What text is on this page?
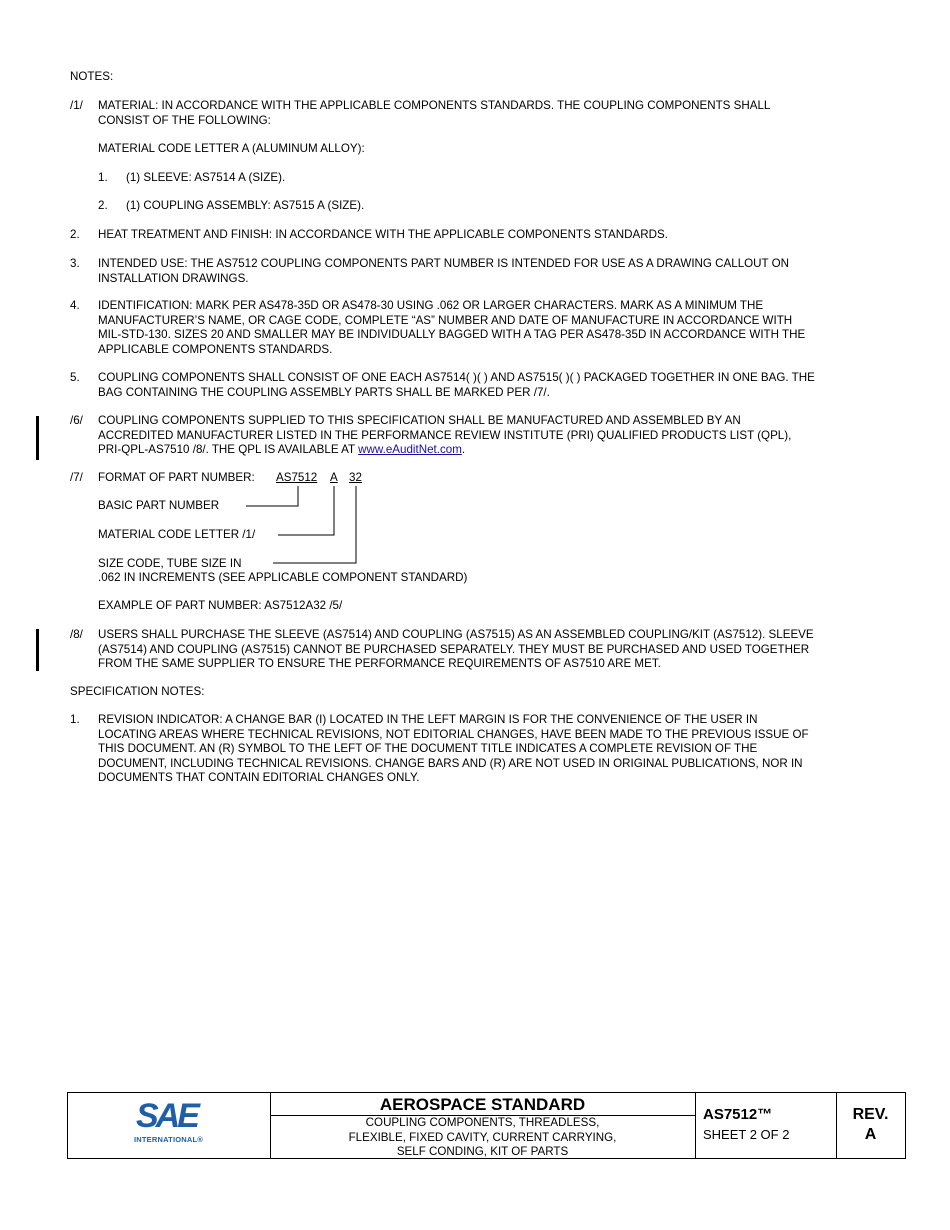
NOTES:
/1/ MATERIAL: IN ACCORDANCE WITH THE APPLICABLE COMPONENTS STANDARDS. THE COUPLING COMPONENTS SHALL
CONSIST OF THE FOLLOWING:
MATERIAL CODE LETTER A (ALUMINUM ALLOY):
1. (1) SLEEVE: AS7514 A (SIZE).
2. (1) COUPLING ASSEMBLY: AS7515 A (SIZE).
2. HEAT TREATMENT AND FINISH: IN ACCORDANCE WITH THE APPLICABLE COMPONENTS STANDARDS.
3. INTENDED USE: THE AS7512 COUPLING COMPONENTS PART NUMBER IS INTENDED FOR USE AS A DRAWING CALLOUT ON
INSTALLATION DRAWINGS.
4. IDENTIFICATION: MARK PER AS478-35D OR AS478-30 USING .062 OR LARGER CHARACTERS. MARK AS A MINIMUM THE
MANUFACTURER’S NAME, OR CAGE CODE, COMPLETE “AS” NUMBER AND DATE OF MANUFACTURE IN ACCORDANCE WITH
MIL-STD-130. SIZES 20 AND SMALLER MAY BE INDIVIDUALLY BAGGED WITH A TAG PER AS478-35D IN ACCORDANCE WITH THE
APPLICABLE COMPONENTS STANDARDS.
5. COUPLING COMPONENTS SHALL CONSIST OF ONE EACH AS7514( )( ) AND AS7515( )( ) PACKAGED TOGETHER IN ONE BAG. THE
BAG CONTAINING THE COUPLING ASSEMBLY PARTS SHALL BE MARKED PER /7/.
/6/ COUPLING COMPONENTS SUPPLIED TO THIS SPECIFICATION SHALL BE MANUFACTURED AND ASSEMBLED BY AN
ACCREDITED MANUFACTURER LISTED IN THE PERFORMANCE REVIEW INSTITUTE (PRI) QUALIFIED PRODUCTS LIST (QPL),
PRI-QPL-AS7510 /8/. THE QPL IS AVAILABLE AT www.eAuditNet.com.
/7/ FORMAT OF PART NUMBER: AS7512 A 32
BASIC PART NUMBER
MATERIAL CODE LETTER /1/
SIZE CODE, TUBE SIZE IN
.062 IN INCREMENTS (SEE APPLICABLE COMPONENT STANDARD)
EXAMPLE OF PART NUMBER: AS7512A32 /5/
/8/ USERS SHALL PURCHASE THE SLEEVE (AS7514) AND COUPLING (AS7515) AS AN ASSEMBLED COUPLING/KIT (AS7512). SLEEVE
(AS7514) AND COUPLING (AS7515) CANNOT BE PURCHASED SEPARATELY. THEY MUST BE PURCHASED AND USED TOGETHER
FROM THE SAME SUPPLIER TO ENSURE THE PERFORMANCE REQUIREMENTS OF AS7510 ARE MET.
SPECIFICATION NOTES:
1. REVISION INDICATOR: A CHANGE BAR (I) LOCATED IN THE LEFT MARGIN IS FOR THE CONVENIENCE OF THE USER IN
LOCATING AREAS WHERE TECHNICAL REVISIONS, NOT EDITORIAL CHANGES, HAVE BEEN MADE TO THE PREVIOUS ISSUE OF
THIS DOCUMENT. AN (R) SYMBOL TO THE LEFT OF THE DOCUMENT TITLE INDICATES A COMPLETE REVISION OF THE
DOCUMENT, INCLUDING TECHNICAL REVISIONS. CHANGE BARS AND (R) ARE NOT USED IN ORIGINAL PUBLICATIONS, NOR IN
DOCUMENTS THAT CONTAIN EDITORIAL CHANGES ONLY.
SAE
INTERNATIONAL®
AEROSPACE STANDARD
COUPLING COMPONENTS, THREADLESS,
FLEXIBLE, FIXED CAVITY, CURRENT CARRYING,
SELF CONDING, KIT OF PARTS
AS7512™
SHEET 2 OF 2
REV.
A
